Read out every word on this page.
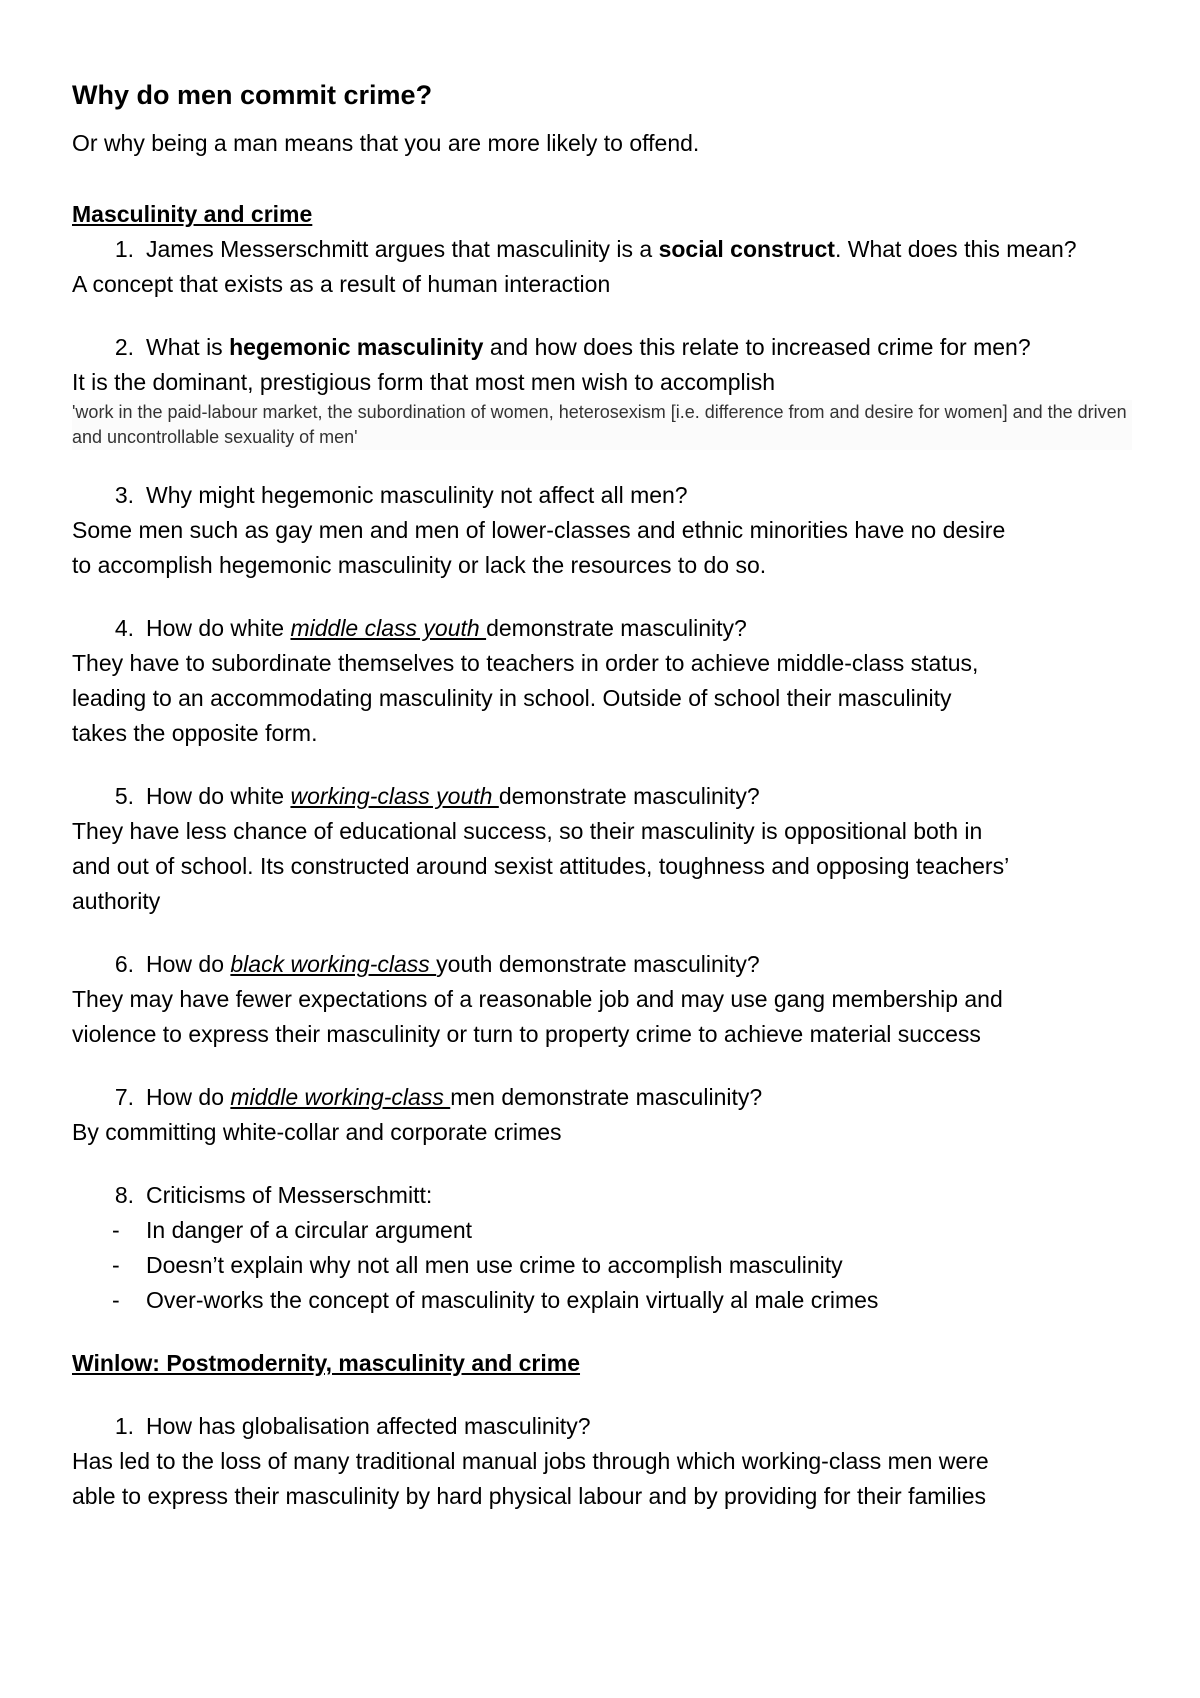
Why do men commit crime?
Or why being a man means that you are more likely to offend.
Masculinity and crime
1. James Messerschmitt argues that masculinity is a social construct. What does this mean?
A concept that exists as a result of human interaction
2. What is hegemonic masculinity and how does this relate to increased crime for men?
It is the dominant, prestigious form that most men wish to accomplish
'work in the paid-labour market, the subordination of women, heterosexism [i.e. difference from and desire for women] and the driven and uncontrollable sexuality of men'
3. Why might hegemonic masculinity not affect all men?
Some men such as gay men and men of lower-classes and ethnic minorities have no desire
to accomplish hegemonic masculinity or lack the resources to do so.
4. How do white middle class youth demonstrate masculinity?
They have to subordinate themselves to teachers in order to achieve middle-class status,
leading to an accommodating masculinity in school. Outside of school their masculinity
takes the opposite form.
5. How do white working-class youth demonstrate masculinity?
They have less chance of educational success, so their masculinity is oppositional both in
and out of school. Its constructed around sexist attitudes, toughness and opposing teachers’
authority
6. How do black working-class youth demonstrate masculinity?
They may have fewer expectations of a reasonable job and may use gang membership and
violence to express their masculinity or turn to property crime to achieve material success
7. How do middle working-class men demonstrate masculinity?
By committing white-collar and corporate crimes
8. Criticisms of Messerschmitt:
-	In danger of a circular argument
-	Doesn’t explain why not all men use crime to accomplish masculinity
-	Over-works the concept of masculinity to explain virtually al male crimes
Winlow: Postmodernity, masculinity and crime
1. How has globalisation affected masculinity?
Has led to the loss of many traditional manual jobs through which working-class men were
able to express their masculinity by hard physical labour and by providing for their families
